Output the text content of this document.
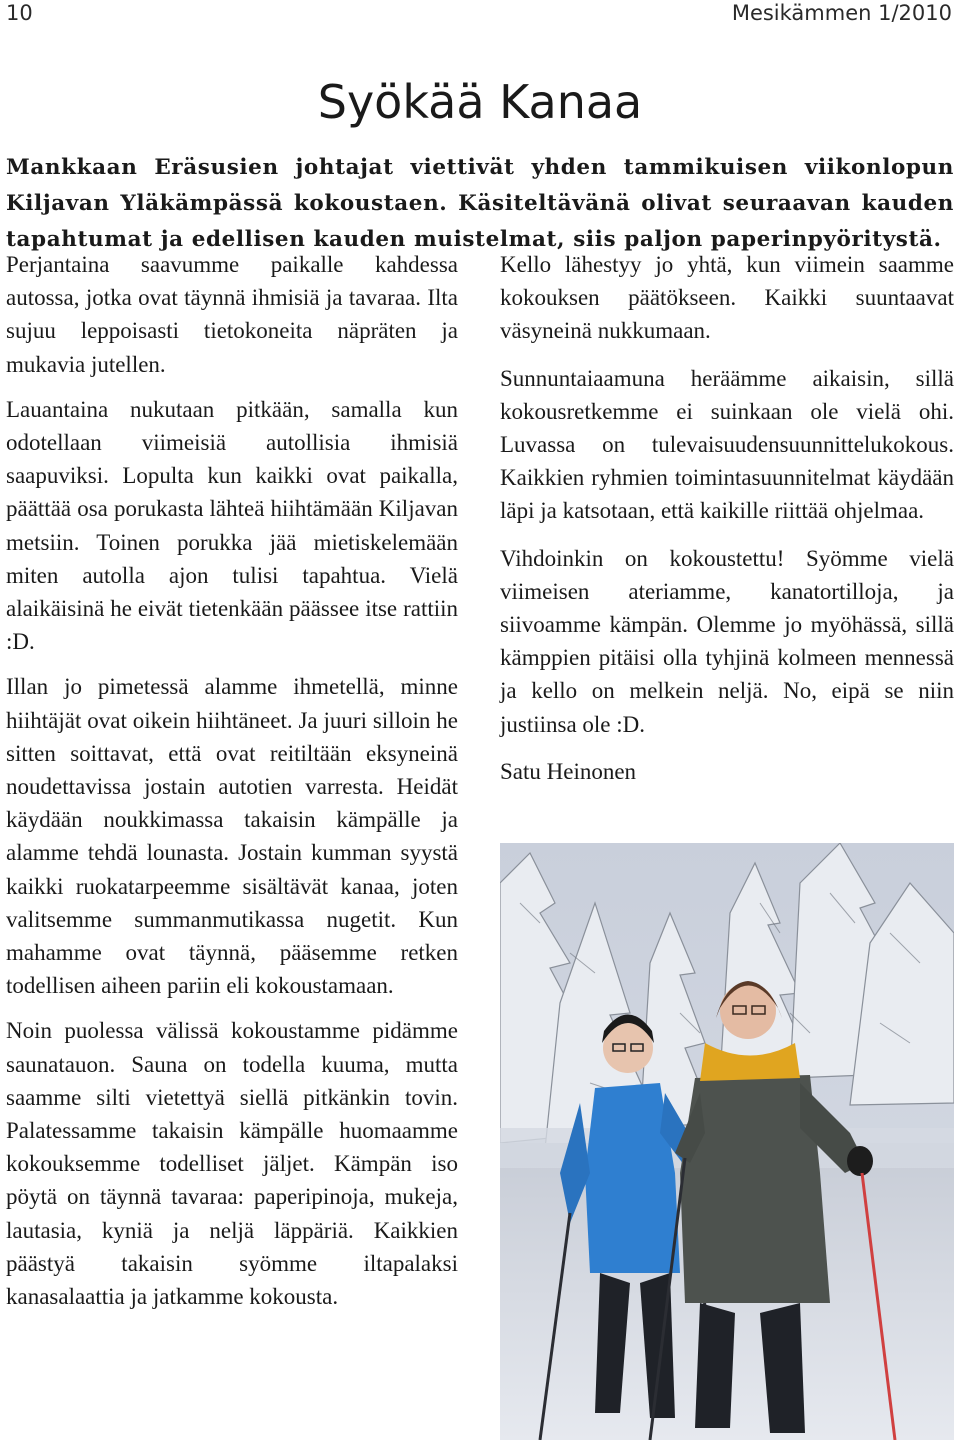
10	Mesikämmen 1/2010

Syökää Kanaa

Mankkaan Eräsusien johtajat viettivät yhden tammikuisen viikonlopun Kiljavan Yläkämpässä kokoustaen. Käsiteltävänä olivat seuraavan kauden tapahtumat ja edellisen kauden muistelmat, siis paljon paperinpyöritystä.

Perjantaina saavumme paikalle kahdessa autossa, jotka ovat täynnä ihmisiä ja tavaraa. Ilta sujuu leppoisasti tietokoneita näpräten ja mukavia jutellen.

Lauantaina nukutaan pitkään, samalla kun odotellaan viimeisiä autollisia ihmisiä saapuviksi. Lopulta kun kaikki ovat paikalla, päättää osa porukasta lähteä hiihtämään Kiljavan metsiin. Toinen porukka jää mietiskelemään miten autolla ajon tulisi tapahtua. Vielä alaikäisinä he eivät tietenkään päässee itse rattiin :D.

Illan jo pimetessä alamme ihmetellä, minne hiihtäjät ovat oikein hiihtäneet. Ja juuri silloin he sitten soittavat, että ovat reitiltään eksyneinä noudettavissa jostain autotien varresta. Heidät käydään noukkimassa takaisin kämpälle ja alamme tehdä lounasta. Jostain kumman syystä kaikki ruokatarpeemme sisältävät kanaa, joten valitsemme summanmutikassa nugetit. Kun mahamme ovat täynnä, pääsemme retken todellisen aiheen pariin eli kokoustamaan.

Noin puolessa välissä kokoustamme pidämme saunatauon. Sauna on todella kuuma, mutta saamme silti vietettyä siellä pitkänkin tovin. Palatessamme takaisin kämpälle huomaamme kokouksemme todelliset jäljet. Kämpän iso pöytä on täynnä tavaraa: paperipinoja, mukeja, lautasia, kyniä ja neljä läppäriä. Kaikkien päästyä takaisin syömme iltapalaksi kanasalaattia ja jatkamme kokousta.

Kello lähestyy jo yhtä, kun viimein saamme kokouksen päätökseen. Kaikki suuntaavat väsyneinä nukkumaan.

Sunnuntaiaamuna heräämme aikaisin, sillä kokousretkemme ei suinkaan ole vielä ohi. Luvassa on tulevaisuudensuunnittelukokous. Kaikkien ryhmien toimintasuunnitelmat käydään läpi ja katsotaan, että kaikille riittää ohjelmaa.

Vihdoinkin on kokoustettu! Syömme vielä viimeisen ateriamme, kanatortilloja, ja siivoamme kämpän. Olemme jo myöhässä, sillä kämppien pitäisi olla tyhjinä kolmeen mennessä ja kello on melkein neljä. No, eipä se niin justiinsa ole :D.

Satu Heinonen
